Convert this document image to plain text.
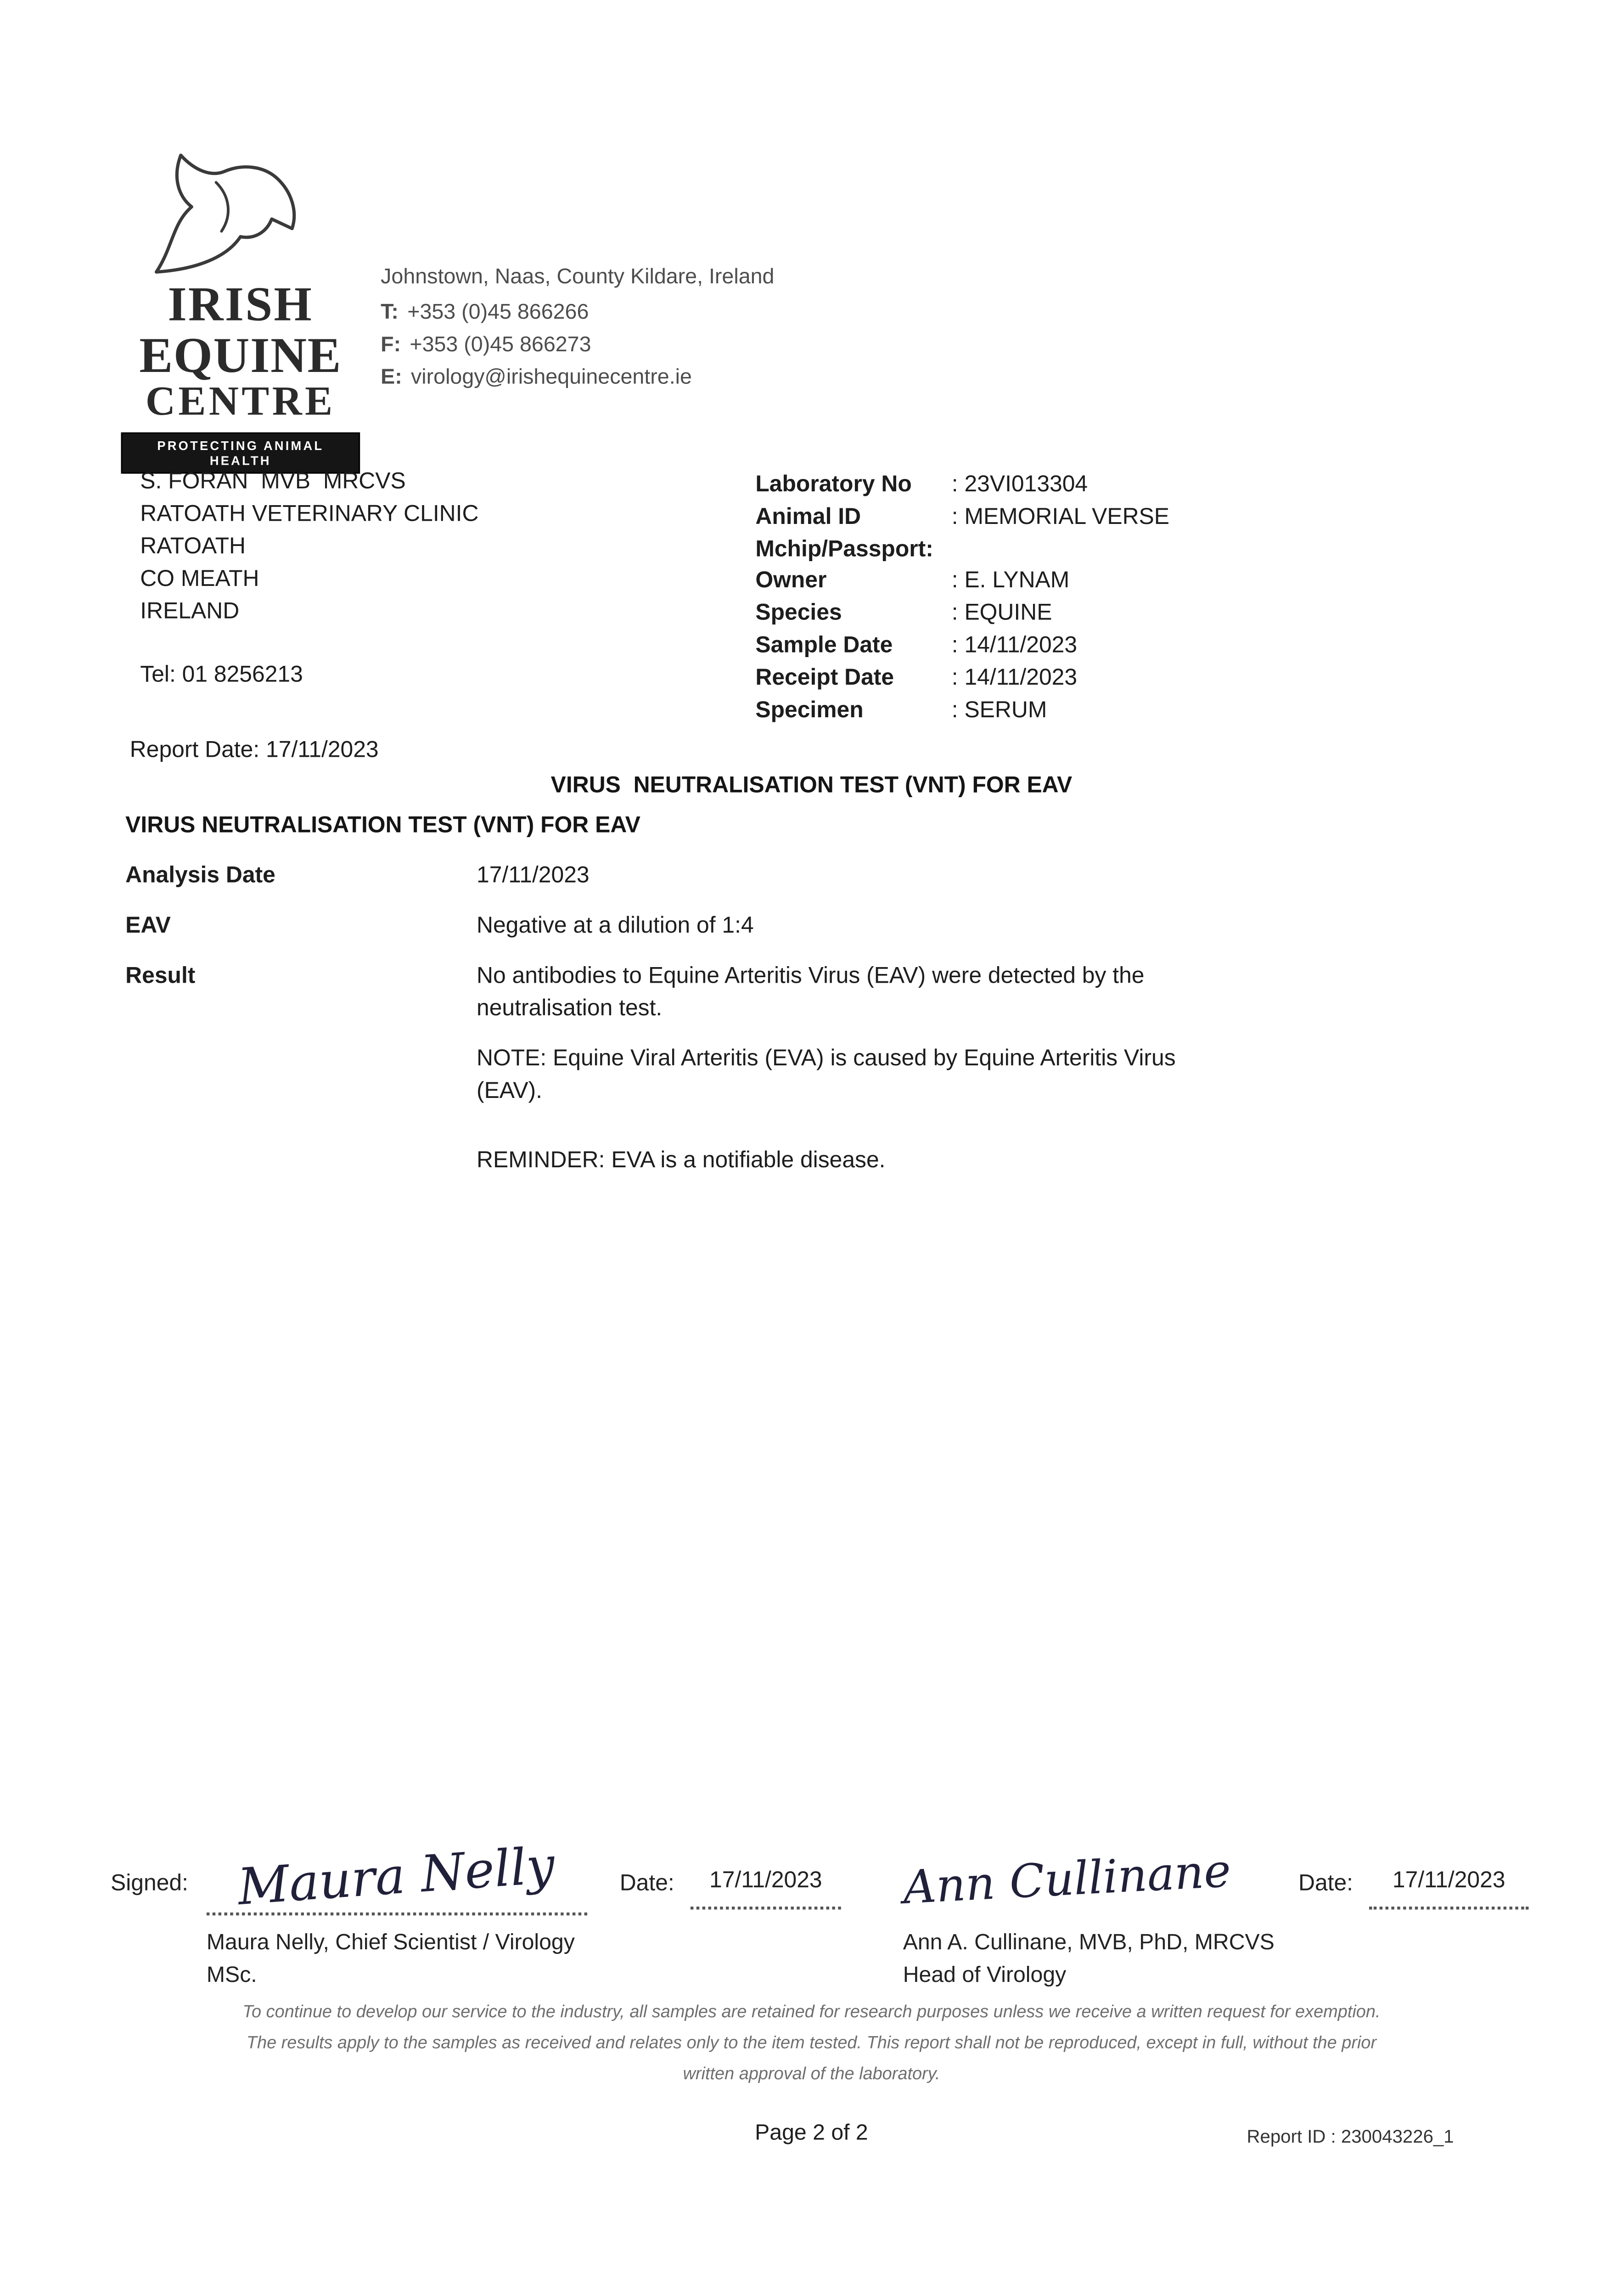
IRISH
EQUINE
CENTRE
PROTECTING ANIMAL HEALTH
Johnstown, Naas, County Kildare, Ireland
T: +353 (0)45 866266
F: +353 (0)45 866273
E: virology@irishequinecentre.ie
S. FORAN  MVB  MRCVS
RATOATH VETERINARY CLINIC
RATOATH
CO MEATH
IRELAND
Tel: 01 8256213
Laboratory No	: 23VI013304
Animal ID	: MEMORIAL VERSE
Mchip/Passport:
Owner	: E. LYNAM
Species	: EQUINE
Sample Date	: 14/11/2023
Receipt Date	: 14/11/2023
Specimen	: SERUM
Report Date: 17/11/2023
VIRUS  NEUTRALISATION TEST (VNT) FOR EAV
VIRUS NEUTRALISATION TEST (VNT) FOR EAV
Analysis Date	17/11/2023
EAV	Negative at a dilution of 1:4
Result	No antibodies to Equine Arteritis Virus (EAV) were detected by the neutralisation test.
NOTE: Equine Viral Arteritis (EVA) is caused by Equine Arteritis Virus (EAV).
REMINDER: EVA is a notifiable disease.
Signed:	Maura Nelly	Date:	17/11/2023	Ann Cullinane	Date:	17/11/2023
Maura Nelly, Chief Scientist / Virology
MSc.
Ann A. Cullinane, MVB, PhD, MRCVS
Head of Virology
To continue to develop our service to the industry, all samples are retained for research purposes unless we receive a written request for exemption.
The results apply to the samples as received and relates only to the item tested. This report shall not be reproduced, except in full, without the prior
written approval of the laboratory.
Page 2 of 2	Report ID : 230043226_1
